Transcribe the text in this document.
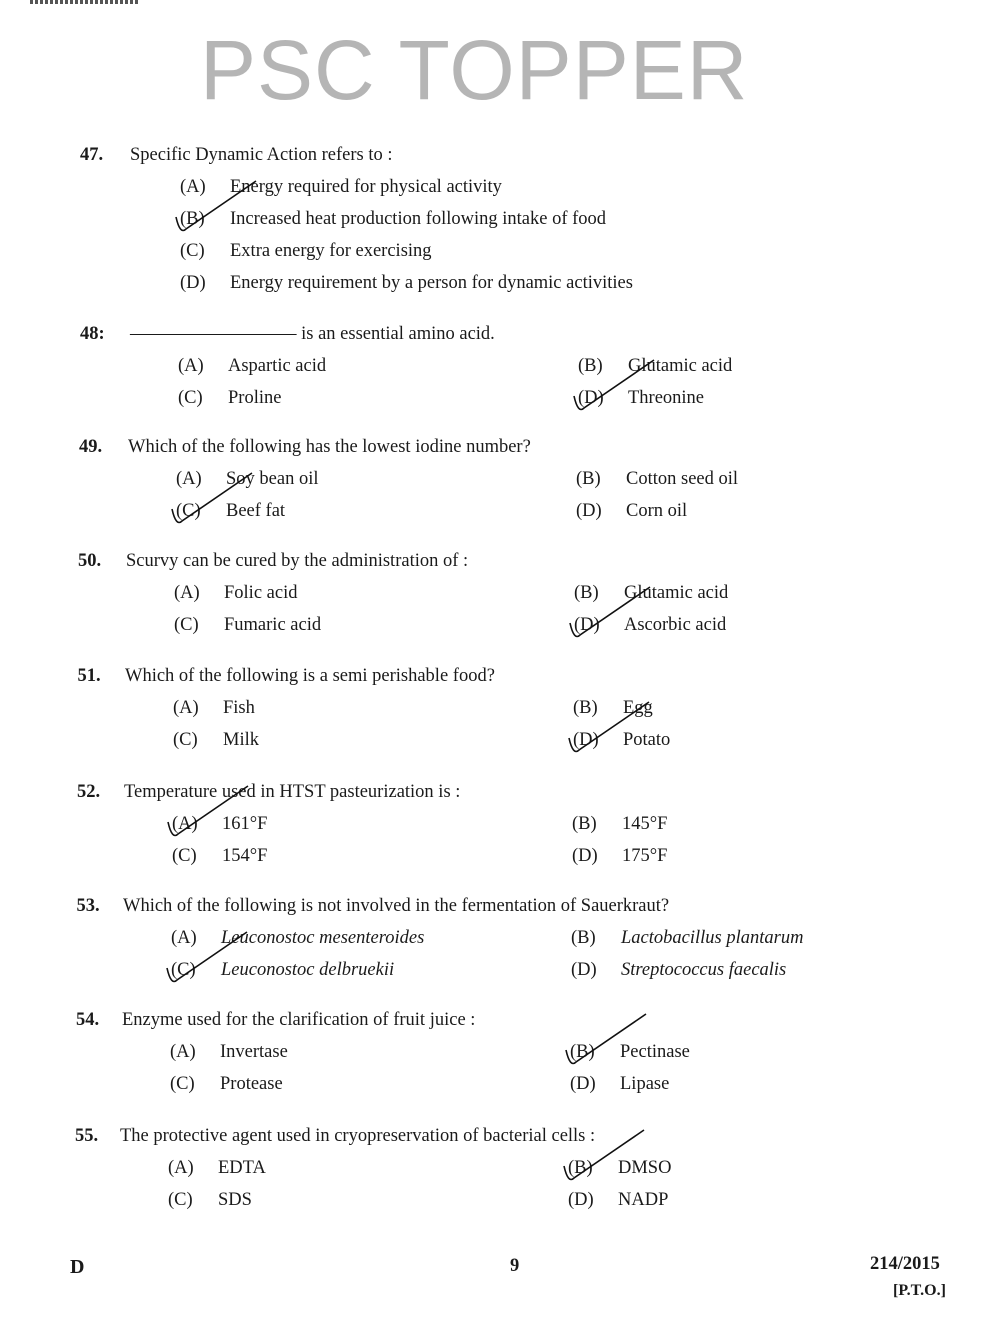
47. Specific Dynamic Action refers to :
(A) Energy required for physical activity
(B) Increased heat production following intake of food
(C) Extra energy for exercising
(D) Energy requirement by a person for dynamic activities
48: ————————— is an essential amino acid.
(A) Aspartic acid	(B) Glutamic acid
(C) Proline	(D) Threonine
49. Which of the following has the lowest iodine number?
(A) Soy bean oil	(B) Cotton seed oil
(C) Beef fat	(D) Corn oil
50. Scurvy can be cured by the administration of :
(A) Folic acid	(B) Glutamic acid
(C) Fumaric acid	(D) Ascorbic acid
51. Which of the following is a semi perishable food?
(A) Fish	(B) Egg
(C) Milk	(D) Potato
52. Temperature used in HTST pasteurization is :
(A) 161°F	(B) 145°F
(C) 154°F	(D) 175°F
53. Which of the following is not involved in the fermentation of Sauerkraut?
(A) Leuconostoc mesenteroides	(B) Lactobacillus plantarum
(C) Leuconostoc delbruekii	(D) Streptococcus faecalis
54. Enzyme used for the clarification of fruit juice :
(A) Invertase	(B) Pectinase
(C) Protease	(D) Lipase
55. The protective agent used in cryopreservation of bacterial cells :
(A) EDTA	(B) DMSO
(C) SDS	(D) NADP
PSC TOPPER
D	9	214/2015
[P.T.O.]
